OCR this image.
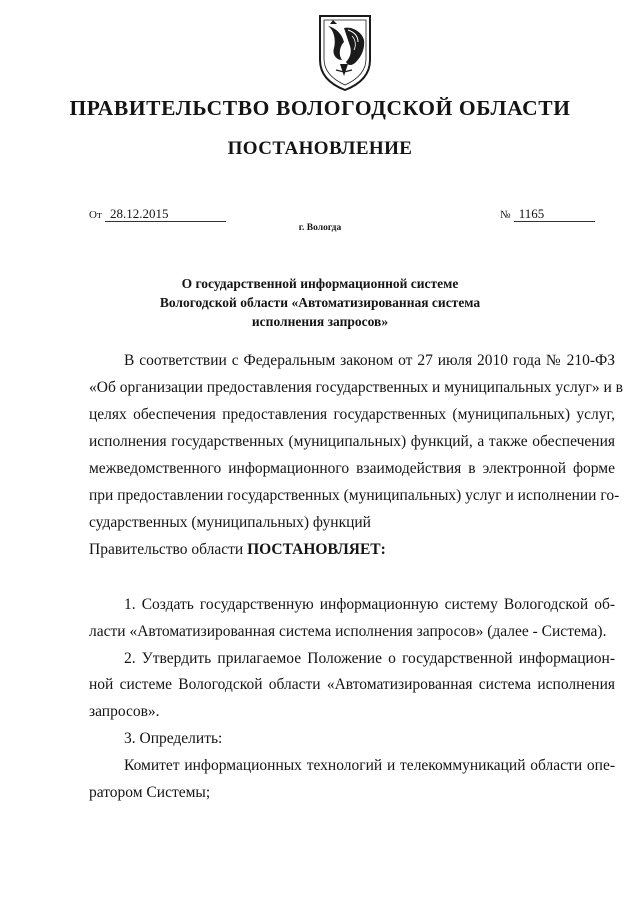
ПРАВИТЕЛЬСТВО ВОЛОГОДСКОЙ ОБЛАСТИ
ПОСТАНОВЛЕНИЕ
От 28.12.2015	№ 1165
г. Вологда
О государственной информационной системе
Вологодской области «Автоматизированная система
исполнения запросов»
В соответствии с Федеральным законом от 27 июля 2010 года № 210-ФЗ
«Об организации предоставления государственных и муниципальных услуг» и в
целях обеспечения предоставления государственных (муниципальных) услуг,
исполнения государственных (муниципальных) функций, а также обеспечения
межведомственного информационного взаимодействия в электронной форме
при предоставлении государственных (муниципальных) услуг и исполнении го-
сударственных (муниципальных) функций
Правительство области ПОСТАНОВЛЯЕТ:
1. Создать государственную информационную систему Вологодской об-
ласти «Автоматизированная система исполнения запросов» (далее - Система).
2. Утвердить прилагаемое Положение о государственной информацион-
ной системе Вологодской области «Автоматизированная система исполнения
запросов».
3. Определить:
Комитет информационных технологий и телекоммуникаций области опе-
ратором Системы;
